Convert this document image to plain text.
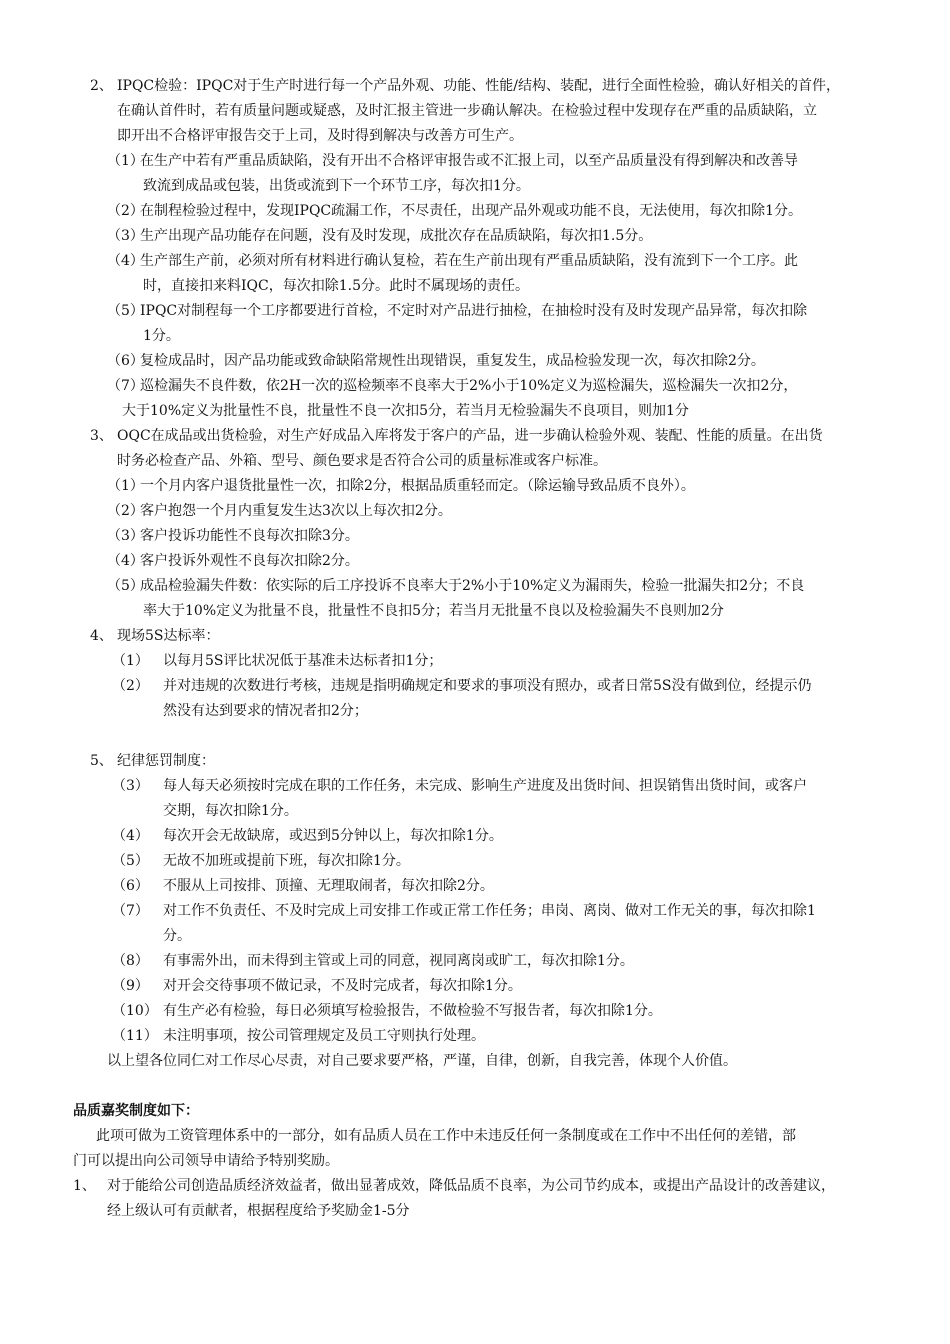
2、 IPQC检验：IPQC对于生产时进行每一个产品外观、功能、性能/结构、装配，进行全面性检验，确认好相关的首件，
在确认首件时，若有质量问题或疑惑，及时汇报主管进一步确认解决。在检验过程中发现存在严重的品质缺陷，立
即开出不合格评审报告交于上司，及时得到解决与改善方可生产。
（1）
在生产中若有严重品质缺陷，没有开出不合格评审报告或不汇报上司，以至产品质量没有得到解决和改善导
致流到成品或包装，出货或流到下一个环节工序，每次扣1分。
（2）
在制程检验过程中，发现IPQC疏漏工作，不尽责任，出现产品外观或功能不良，无法使用，每次扣除1分。
（3）
生产出现产品功能存在问题，没有及时发现，成批次存在品质缺陷，每次扣1.5分。
（4）
生产部生产前，必须对所有材料进行确认复检，若在生产前出现有严重品质缺陷，没有流到下一个工序。此
时，直接扣来料IQC，每次扣除1.5分。此时不属现场的责任。
（5）
IPQC对制程每一个工序都要进行首检，不定时对产品进行抽检，在抽检时没有及时发现产品异常，每次扣除
1分。
（6）
复检成品时，因产品功能或致命缺陷常规性出现错误，重复发生，成品检验发现一次，每次扣除2分。
（7）
巡检漏失不良件数，依2H一次的巡检频率不良率大于2%小于10%定义为巡检漏失，巡检漏失一次扣2分，
大于10%定义为批量性不良，批量性不良一次扣5分，若当月无检验漏失不良项目，则加1分
3、 OQC在成品或出货检验，对生产好成品入库将发于客户的产品，进一步确认检验外观、装配、性能的质量。在出货
时务必检查产品、外箱、型号、颜色要求是否符合公司的质量标准或客户标准。
（1）
一个月内客户退货批量性一次，扣除2分，根据品质重轻而定。（除运输导致品质不良外）。
（2）
客户抱怨一个月内重复发生达3次以上每次扣2分。
（3）
客户投诉功能性不良每次扣除3分。
（4）
客户投诉外观性不良每次扣除2分。
（5）
成品检验漏失件数：依实际的后工序投诉不良率大于2%小于10%定义为漏雨失，检验一批漏失扣2分；不良
率大于10%定义为批量不良，批量性不良扣5分；若当月无批量不良以及检验漏失不良则加2分
4、 现场5S达标率：
（1） 以每月5S评比状况低于基准未达标者扣1分；
（2） 并对违规的次数进行考核，违规是指明确规定和要求的事项没有照办，或者日常5S没有做到位，经提示仍
然没有达到要求的情况者扣2分；
5、 纪律惩罚制度：
（3） 每人每天必须按时完成在职的工作任务，未完成、影响生产进度及出货时间、担误销售出货时间，或客户
交期，每次扣除1分。
（4） 每次开会无故缺席，或迟到5分钟以上，每次扣除1分。
（5） 无故不加班或提前下班，每次扣除1分。
（6） 不服从上司按排、顶撞、无理取闹者，每次扣除2分。
（7） 对工作不负责任、不及时完成上司安排工作或正常工作任务；串岗、离岗、做对工作无关的事，每次扣除1
分。
（8） 有事需外出，而未得到主管或上司的同意，视同离岗或旷工，每次扣除1分。
（9） 对开会交待事项不做记录，不及时完成者，每次扣除1分。
（10） 有生产必有检验，每日必须填写检验报告，不做检验不写报告者，每次扣除1分。
（11） 未注明事项，按公司管理规定及员工守则执行处理。
以上望各位同仁对工作尽心尽责，对自己要求要严格，严谨，自律，创新，自我完善，体现个人价值。
品质嘉奖制度如下：
此项可做为工资管理体系中的一部分，如有品质人员在工作中未违反任何一条制度或在工作中不出任何的差错，部
门可以提出向公司领导申请给予特别奖励。
1、 对于能给公司创造品质经济效益者，做出显著成效，降低品质不良率，为公司节约成本，或提出产品设计的改善建议，
经上级认可有贡献者，根据程度给予奖励金1-5分
